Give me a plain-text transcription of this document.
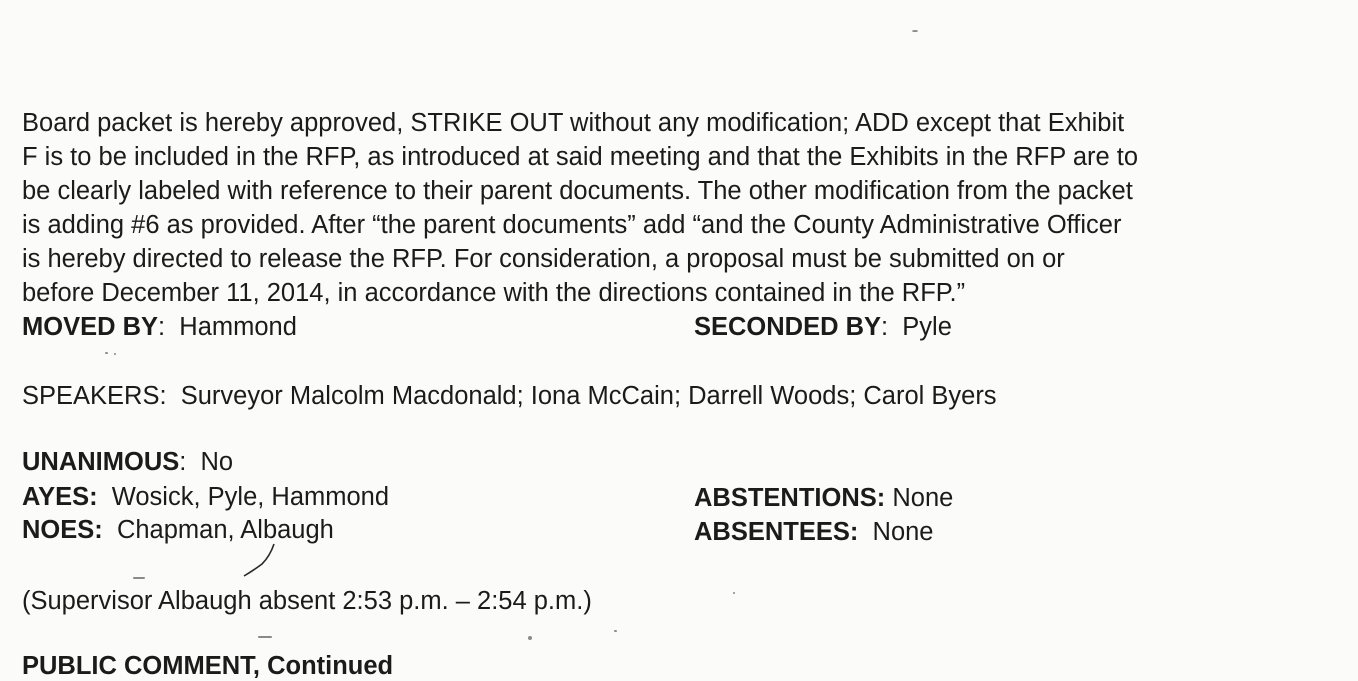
Board packet is hereby approved, STRIKE OUT without any modification; ADD except that Exhibit
F is to be included in the RFP, as introduced at said meeting and that the Exhibits in the RFP are to
be clearly labeled with reference to their parent documents. The other modification from the packet
is adding #6 as provided. After “the parent documents” add “and the County Administrative Officer
is hereby directed to release the RFP. For consideration, a proposal must be submitted on or
before December 11, 2014, in accordance with the directions contained in the RFP.”
MOVED BY:  Hammond	SECONDED BY:  Pyle
SPEAKERS: Surveyor Malcolm Macdonald; Iona McCain; Darrell Woods; Carol Byers
UNANIMOUS:  No
AYES: Wosick, Pyle, Hammond	ABSTENTIONS: None
NOES: Chapman, Albaugh	ABSENTEES: None
(Supervisor Albaugh absent 2:53 p.m. – 2:54 p.m.)
PUBLIC COMMENT, Continued
